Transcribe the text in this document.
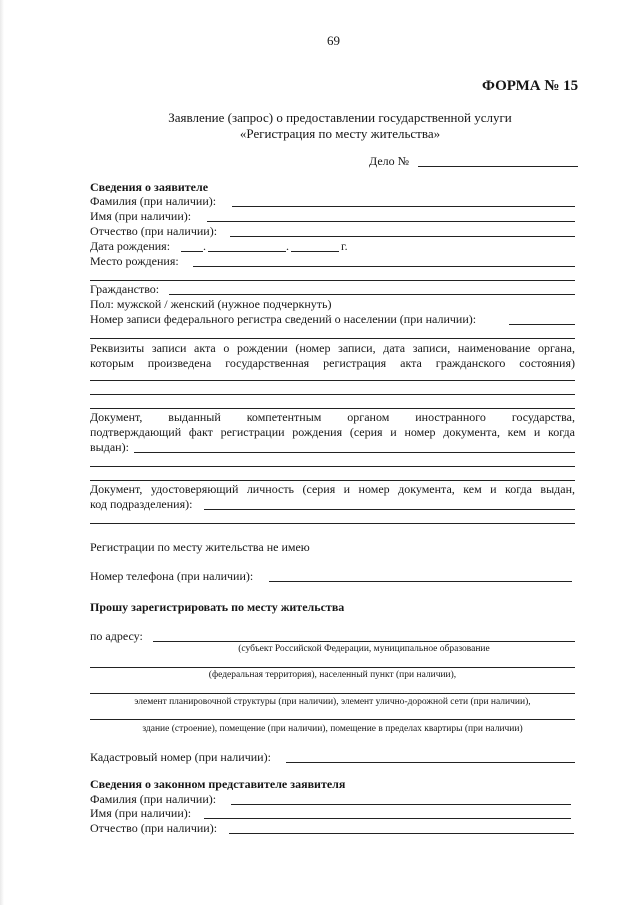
69
ФОРМА № 15
Заявление (запрос) о предоставлении государственной услуги
«Регистрация по месту жительства»
Дело №
Сведения о заявителе
Фамилия (при наличии):
Имя (при наличии):
Отчество (при наличии):
Дата рождения:	.	.	г.
Место рождения:
Гражданство:
Пол: мужской / женский (нужное подчеркнуть)
Номер записи федерального регистра сведений о населении (при наличии):
Реквизиты записи акта о рождении (номер записи, дата записи, наименование органа,
которым произведена государственная регистрация акта гражданского состояния)
Документ, выданный компетентным органом иностранного государства,
подтверждающий факт регистрации рождения (серия и номер документа, кем и когда
выдан):
Документ, удостоверяющий личность (серия и номер документа, кем и когда выдан,
код подразделения):
Регистрации по месту жительства не имею
Номер телефона (при наличии):
Прошу зарегистрировать по месту жительства
по адресу:
(субъект Российской Федерации, муниципальное образование
(федеральная территория), населенный пункт (при наличии),
элемент планировочной структуры (при наличии), элемент улично-дорожной сети (при наличии),
здание (строение), помещение (при наличии), помещение в пределах квартиры (при наличии)
Кадастровый номер (при наличии):
Сведения о законном представителе заявителя
Фамилия (при наличии):
Имя (при наличии):
Отчество (при наличии):
